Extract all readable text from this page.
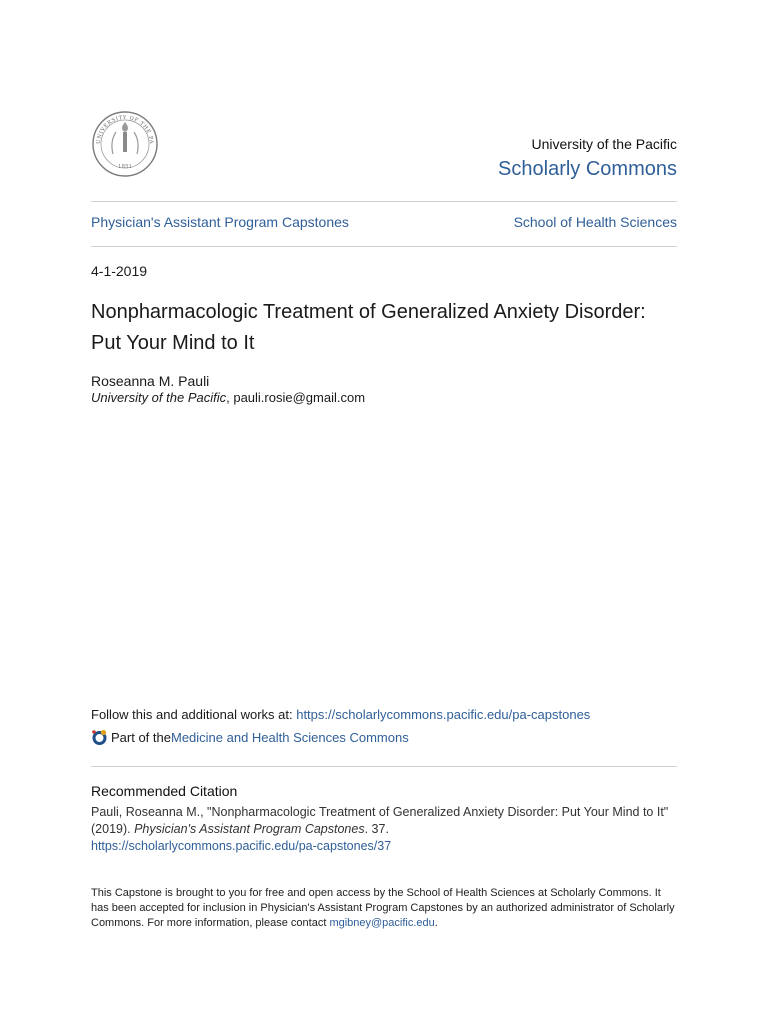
UNIVERSITY OF THE PA
1851
University of the Pacific
Scholarly Commons
Physician's Assistant Program Capstones	School of Health Sciences
4-1-2019
Nonpharmacologic Treatment of Generalized Anxiety Disorder: Put Your Mind to It
Roseanna M. Pauli
University of the Pacific, pauli.rosie@gmail.com
Follow this and additional works at: https://scholarlycommons.pacific.edu/pa-capstones
Part of the Medicine and Health Sciences Commons
Recommended Citation
Pauli, Roseanna M., "Nonpharmacologic Treatment of Generalized Anxiety Disorder: Put Your Mind to It"
(2019). Physician's Assistant Program Capstones. 37.
https://scholarlycommons.pacific.edu/pa-capstones/37
This Capstone is brought to you for free and open access by the School of Health Sciences at Scholarly Commons. It has been accepted for inclusion in Physician's Assistant Program Capstones by an authorized administrator of Scholarly Commons. For more information, please contact mgibney@pacific.edu.
